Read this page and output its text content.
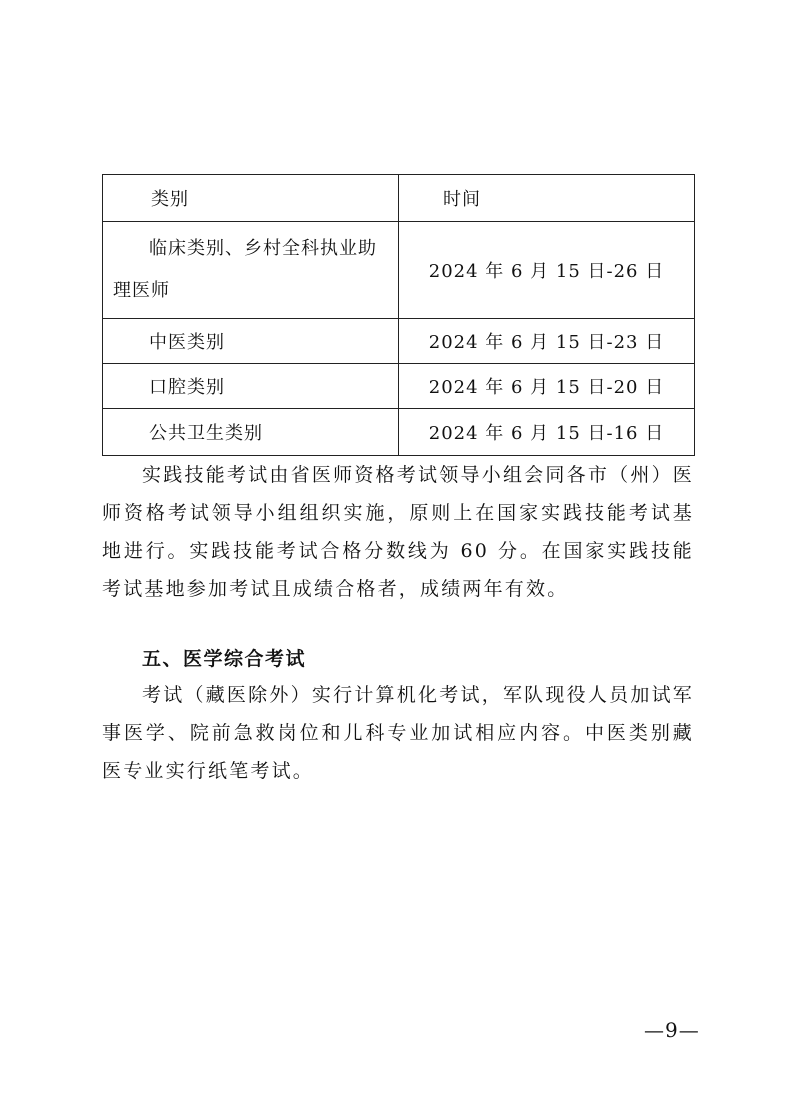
类别	时间
临床类别、乡村全科执业助理医师	2024 年 6 月 15 日-26 日
中医类别	2024 年 6 月 15 日-23 日
口腔类别	2024 年 6 月 15 日-20 日
公共卫生类别	2024 年 6 月 15 日-16 日

实践技能考试由省医师资格考试领导小组会同各市（州）医师资格考试领导小组组织实施，原则上在国家实践技能考试基地进行。实践技能考试合格分数线为 60 分。在国家实践技能考试基地参加考试且成绩合格者，成绩两年有效。

五、医学综合考试

考试（藏医除外）实行计算机化考试，军队现役人员加试军事医学、院前急救岗位和儿科专业加试相应内容。中医类别藏医专业实行纸笔考试。

—9—
